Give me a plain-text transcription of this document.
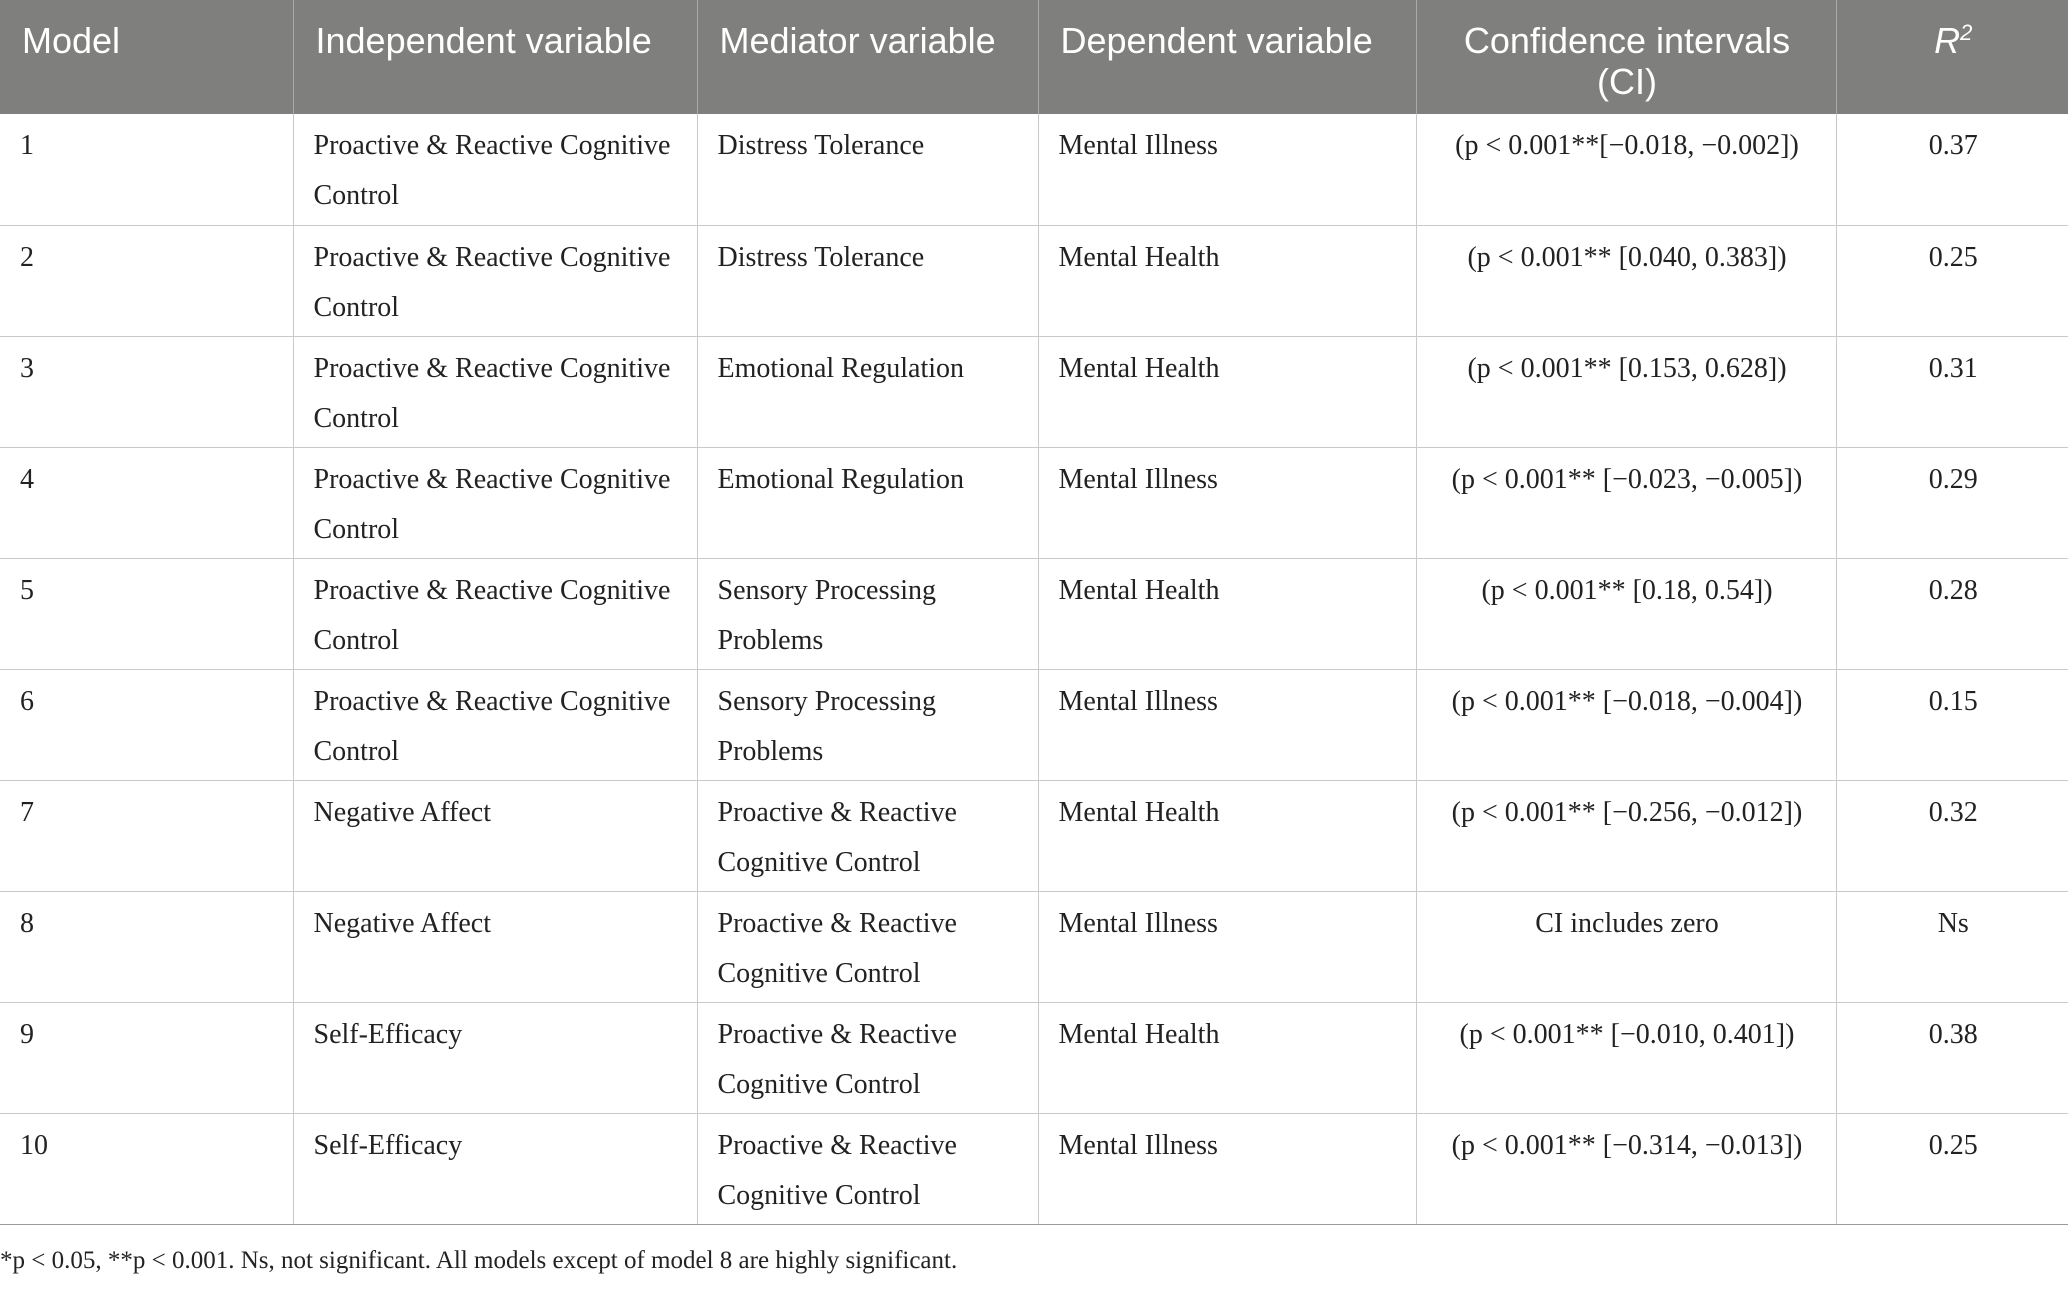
Model	Independent variable	Mediator variable	Dependent variable	Confidence intervals (CI)	$R^2$
1	Proactive & Reactive Cognitive Control	Distress Tolerance	Mental Illness	(p < 0.001**[−0.018, −0.002])	0.37
2	Proactive & Reactive Cognitive Control	Distress Tolerance	Mental Health	(p < 0.001** [0.040, 0.383])	0.25
3	Proactive & Reactive Cognitive Control	Emotional Regulation	Mental Health	(p < 0.001** [0.153, 0.628])	0.31
4	Proactive & Reactive Cognitive Control	Emotional Regulation	Mental Illness	(p < 0.001** [−0.023, −0.005])	0.29
5	Proactive & Reactive Cognitive Control	Sensory Processing Problems	Mental Health	(p < 0.001** [0.18, 0.54])	0.28
6	Proactive & Reactive Cognitive Control	Sensory Processing Problems	Mental Illness	(p < 0.001** [−0.018, −0.004])	0.15
7	Negative Affect	Proactive & Reactive Cognitive Control	Mental Health	(p < 0.001** [−0.256, −0.012])	0.32
8	Negative Affect	Proactive & Reactive Cognitive Control	Mental Illness	CI includes zero	Ns
9	Self-Efficacy	Proactive & Reactive Cognitive Control	Mental Health	(p < 0.001** [−0.010, 0.401])	0.38
10	Self-Efficacy	Proactive & Reactive Cognitive Control	Mental Illness	(p < 0.001** [−0.314, −0.013])	0.25
*p < 0.05, **p < 0.001. Ns, not significant. All models except of model 8 are highly significant.
